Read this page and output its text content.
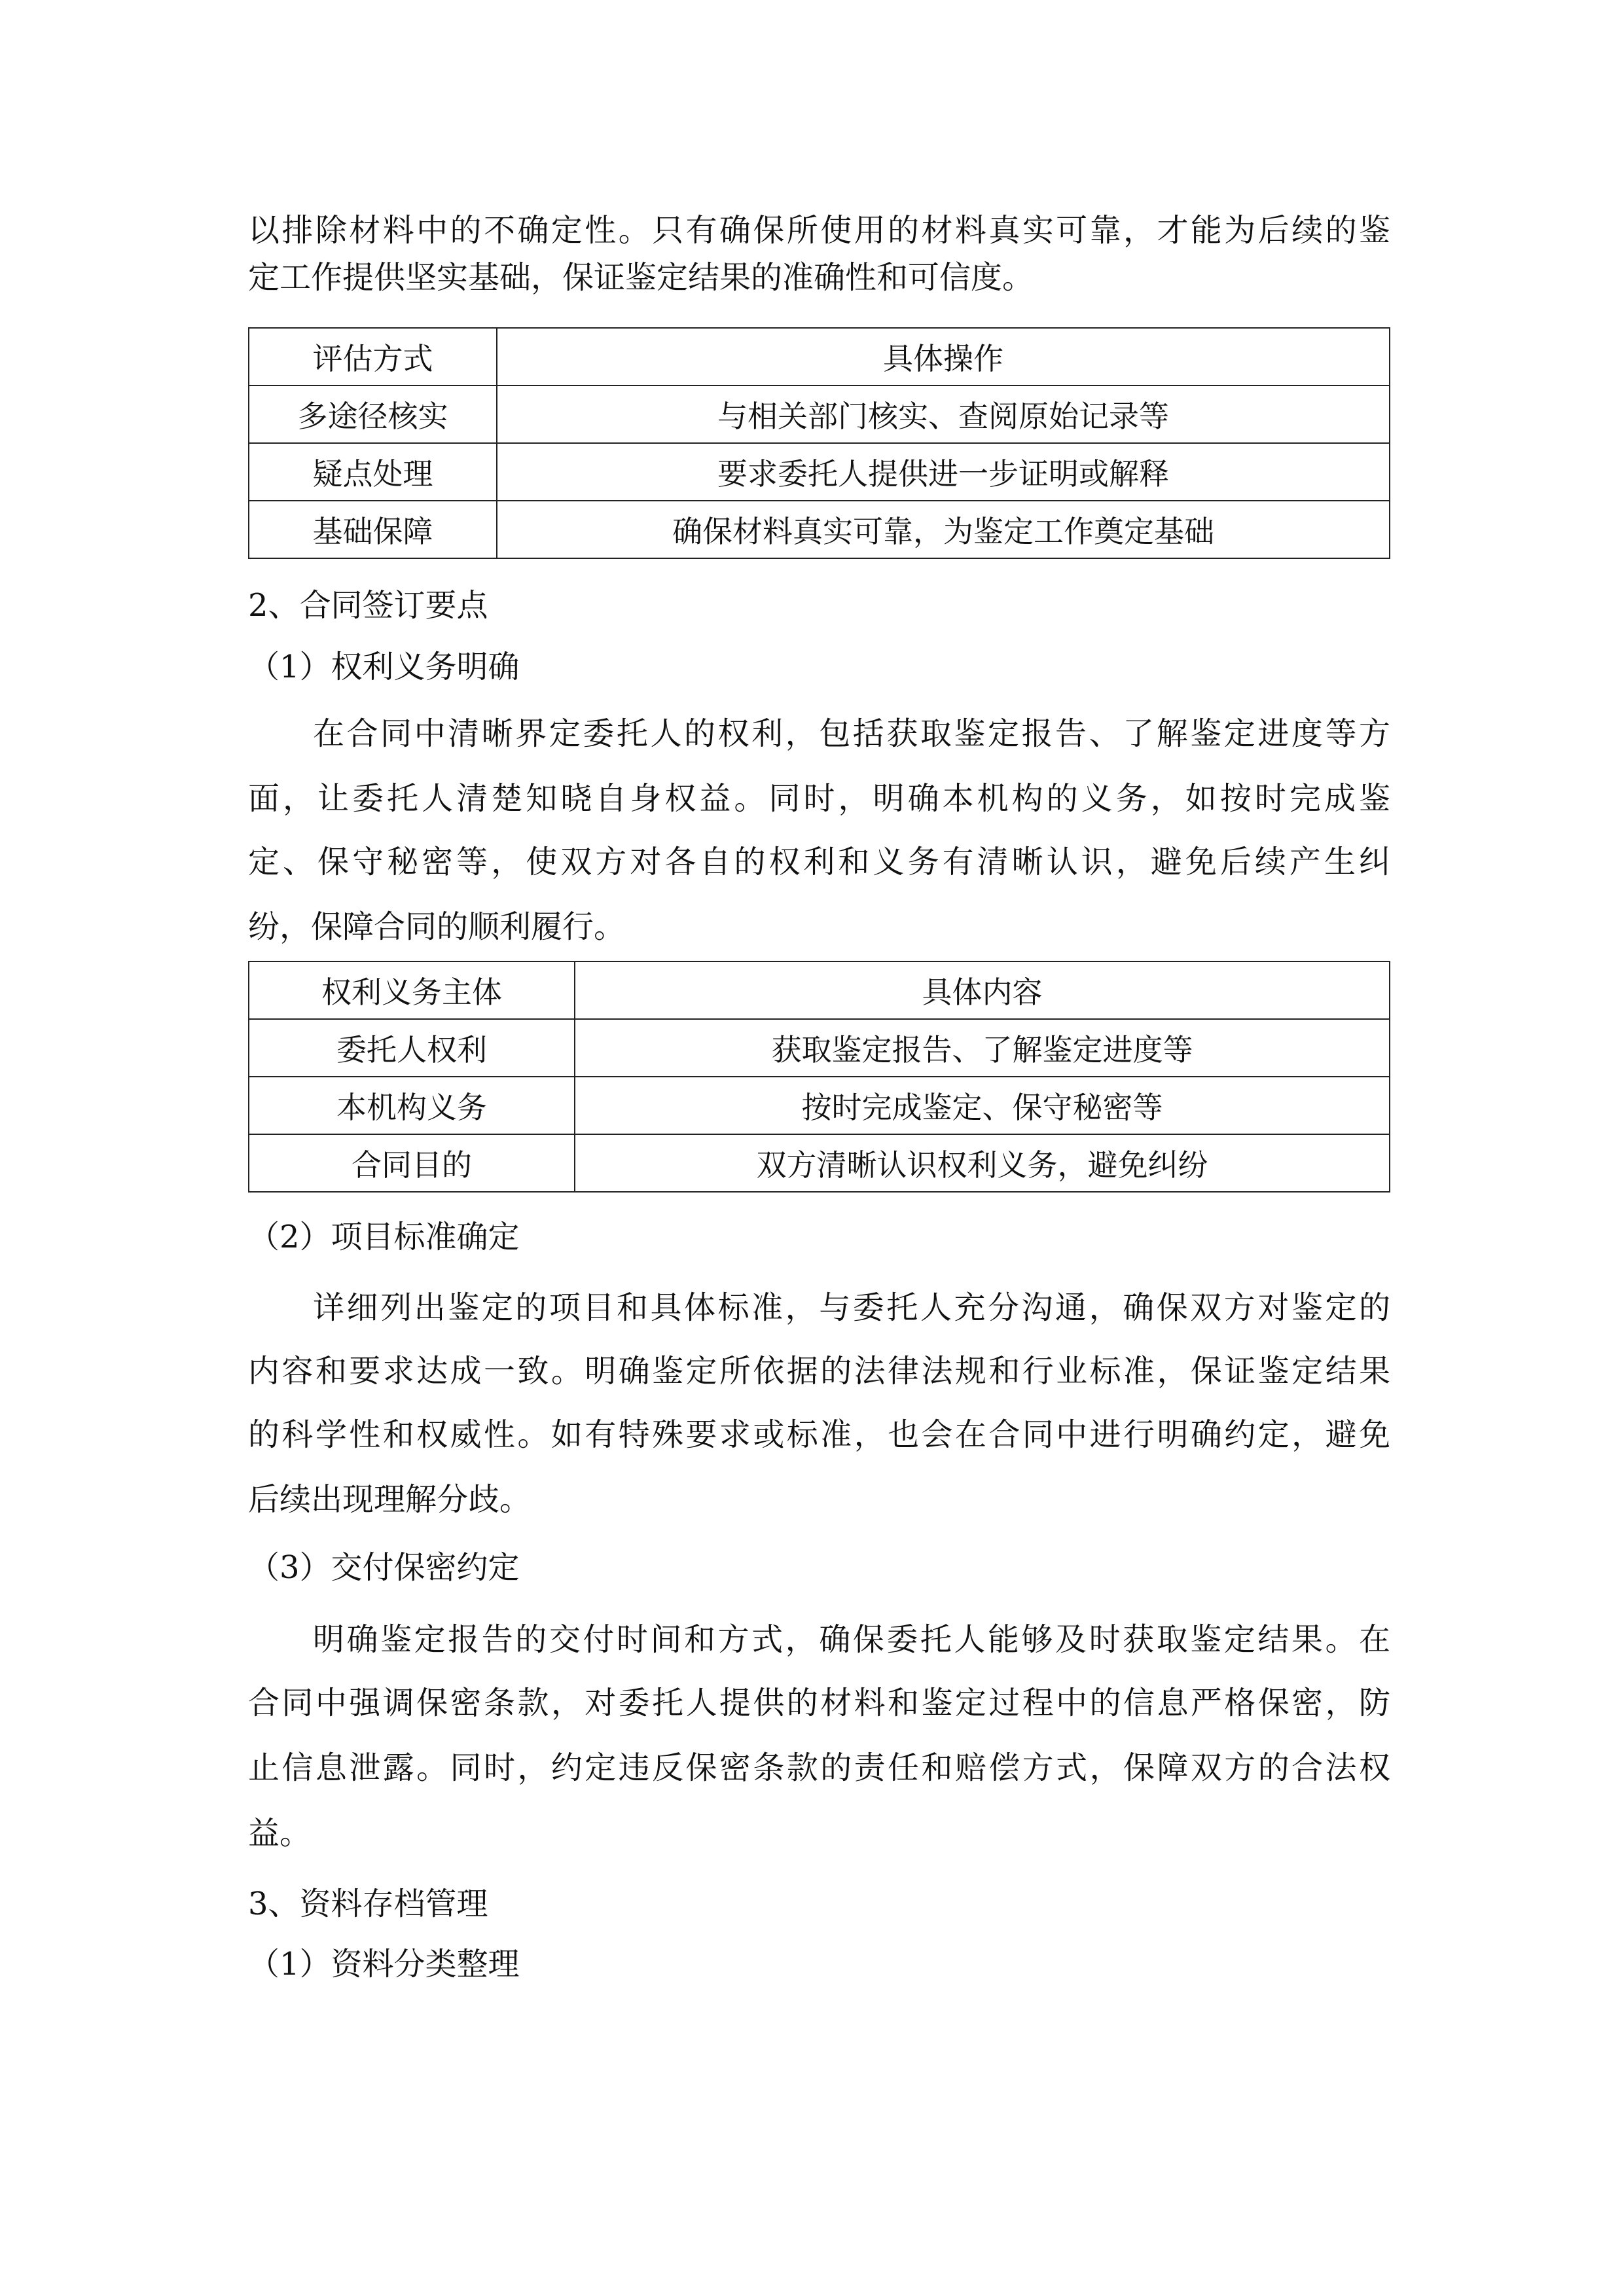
以排除材料中的不确定性。只有确保所使用的材料真实可靠，才能为后续的鉴
定工作提供坚实基础，保证鉴定结果的准确性和可信度。
评估方式	具体操作
多途径核实	与相关部门核实、查阅原始记录等
疑点处理	要求委托人提供进一步证明或解释
基础保障	确保材料真实可靠，为鉴定工作奠定基础
2、合同签订要点
（1）权利义务明确
在合同中清晰界定委托人的权利，包括获取鉴定报告、了解鉴定进度等方
面，让委托人清楚知晓自身权益。同时，明确本机构的义务，如按时完成鉴
定、保守秘密等，使双方对各自的权利和义务有清晰认识，避免后续产生纠
纷，保障合同的顺利履行。
权利义务主体	具体内容
委托人权利	获取鉴定报告、了解鉴定进度等
本机构义务	按时完成鉴定、保守秘密等
合同目的	双方清晰认识权利义务，避免纠纷
（2）项目标准确定
详细列出鉴定的项目和具体标准，与委托人充分沟通，确保双方对鉴定的
内容和要求达成一致。明确鉴定所依据的法律法规和行业标准，保证鉴定结果
的科学性和权威性。如有特殊要求或标准，也会在合同中进行明确约定，避免
后续出现理解分歧。
（3）交付保密约定
明确鉴定报告的交付时间和方式，确保委托人能够及时获取鉴定结果。在
合同中强调保密条款，对委托人提供的材料和鉴定过程中的信息严格保密，防
止信息泄露。同时，约定违反保密条款的责任和赔偿方式，保障双方的合法权
益。
3、资料存档管理
（1）资料分类整理
